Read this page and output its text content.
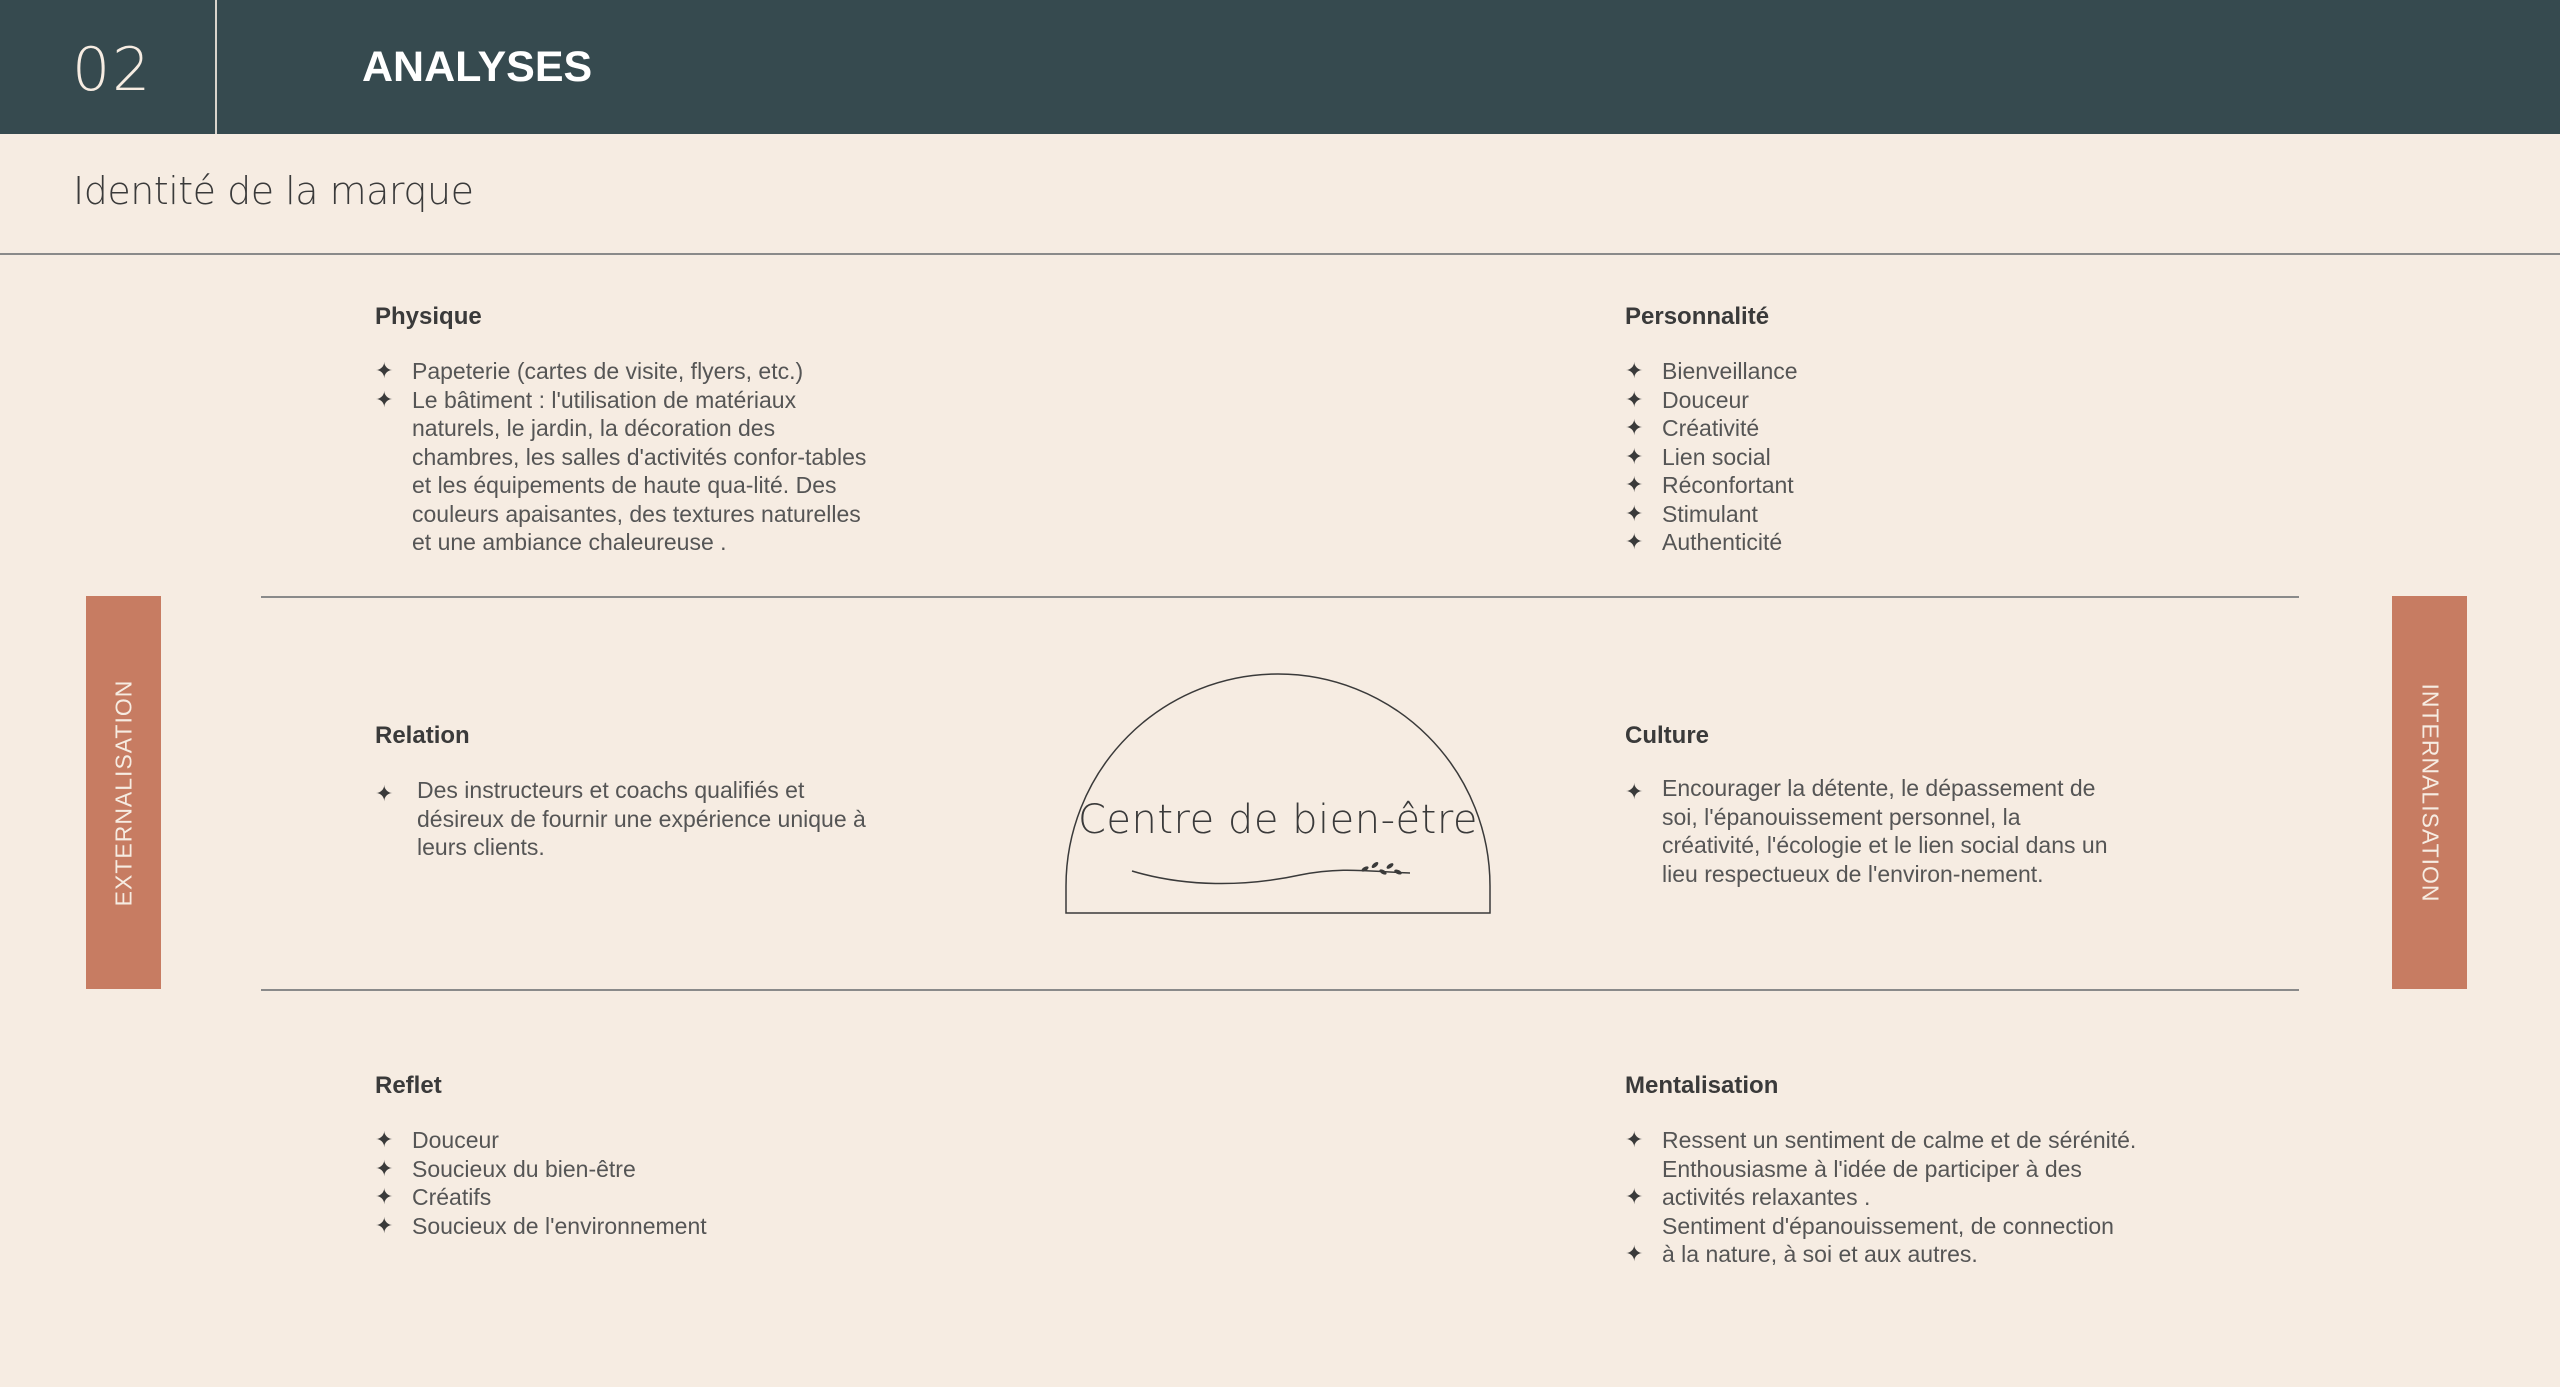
02	ANALYSES
Identité de la marque
EXTERNALISATION	INTERNALISATION
Physique
✦ Papeterie (cartes de visite, flyers, etc.)
✦ Le bâtiment : l'utilisation de matériaux naturels, le jardin, la décoration des chambres, les salles d'activités confor-tables et les équipements de haute qua-lité. Des couleurs apaisantes, des textures naturelles et une ambiance chaleureuse .
Personnalité
✦ Bienveillance
✦ Douceur
✦ Créativité
✦ Lien social
✦ Réconfortant
✦ Stimulant
✦ Authenticité
Relation
✦ Des instructeurs et coachs qualifiés et désireux de fournir une expérience unique à leurs clients.
Centre de bien-être
Culture
✦ Encourager la détente, le dépassement de soi, l'épanouissement personnel, la créativité, l'écologie et le lien social dans un lieu respectueux de l'environ-nement.
Reflet
✦ Douceur
✦ Soucieux du bien-être
✦ Créatifs
✦ Soucieux de l'environnement
Mentalisation
✦
✦
✦
Ressent un sentiment de calme et de sérénité.
Enthousiasme à l'idée de participer à des
activités relaxantes .
Sentiment d'épanouissement, de connection
à la nature, à soi et aux autres.
